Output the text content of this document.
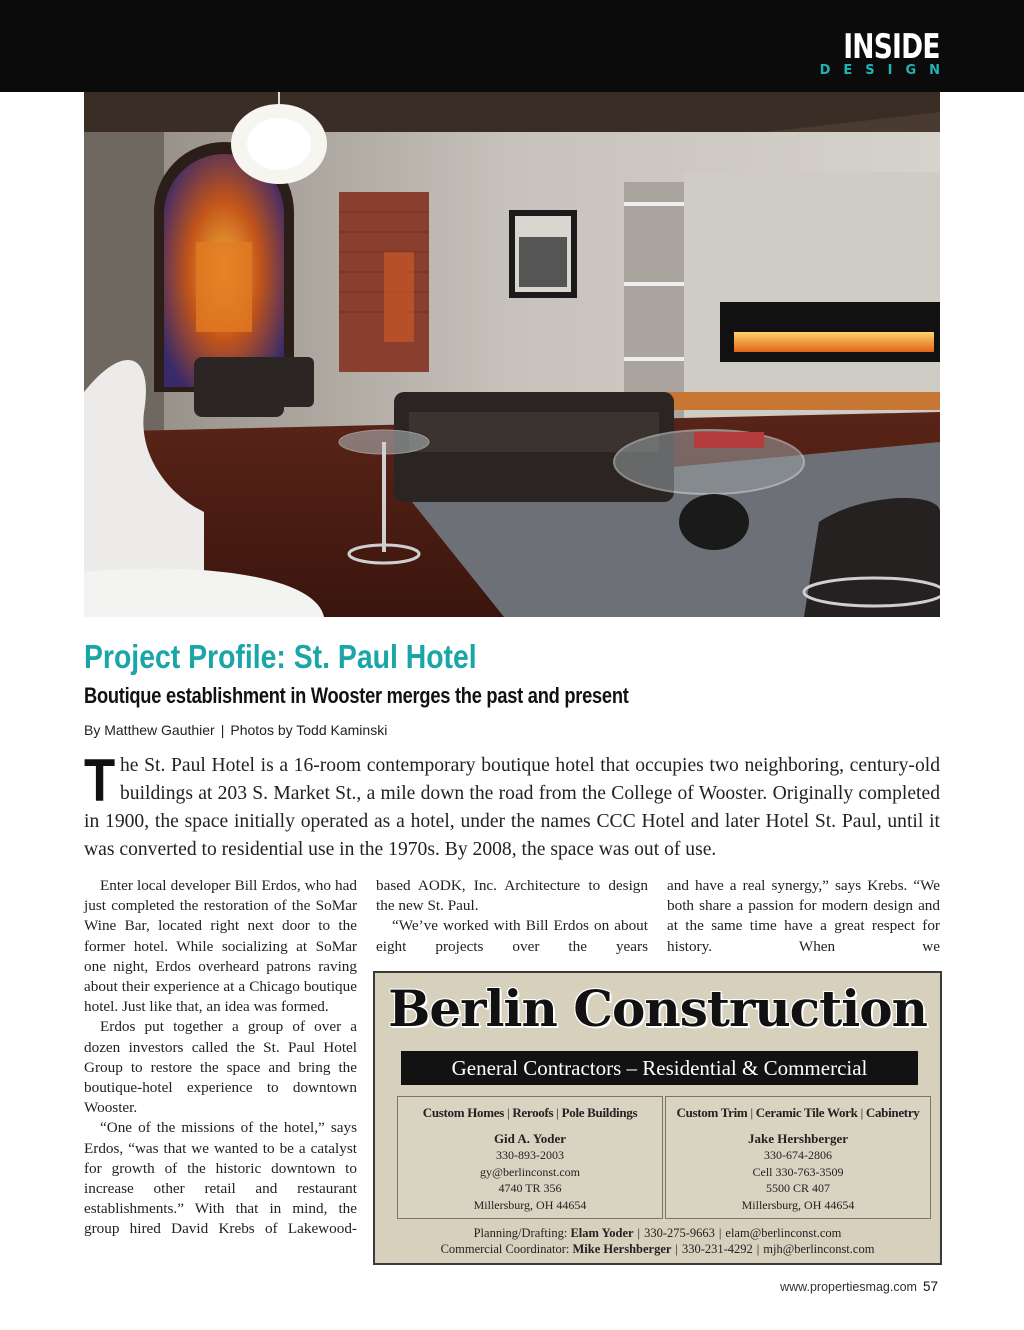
INSIDE
DESIGN
Project Profile: St. Paul Hotel
Boutique establishment in Wooster merges the past and present
By Matthew Gauthier | Photos by Todd Kaminski
The St. Paul Hotel is a 16-room contemporary boutique hotel that occupies two neighboring, century-old buildings at 203 S. Market St., a mile down the road from the College of Wooster. Originally completed in 1900, the space initially operated as a hotel, under the names CCC Hotel and later Hotel St. Paul, until it was converted to residential use in the 1970s. By 2008, the space was out of use.

Enter local developer Bill Erdos, who had just completed the restoration of the SoMar Wine Bar, located right next door to the former hotel. While socializing at SoMar one night, Erdos overheard patrons raving about their experience at a Chicago boutique hotel. Just like that, an idea was formed.

Erdos put together a group of over a dozen investors called the St. Paul Hotel Group to restore the space and bring the boutique-hotel experience to downtown Wooster.

“One of the missions of the hotel,” says Erdos, “was that we wanted to be a catalyst for growth of the historic downtown to increase other retail and restaurant establishments.” With that in mind, the group hired David Krebs of Lakewood-

based AODK, Inc. Architecture to design the new St. Paul.

“We’ve worked with Bill Erdos on about eight projects over the years

and have a real synergy,” says Krebs. “We both share a passion for modern design and at the same time have a great respect for history. When we

Berlin Construction
General Contractors – Residential & Commercial
Custom Homes | Reroofs | Pole Buildings
Gid A. Yoder
330-893-2003
gy@berlinconst.com
4740 TR 356
Millersburg, OH 44654
Custom Trim | Ceramic Tile Work | Cabinetry
Jake Hershberger
330-674-2806
Cell 330-763-3509
5500 CR 407
Millersburg, OH 44654
Planning/Drafting: Elam Yoder | 330-275-9663 | elam@berlinconst.com
Commercial Coordinator: Mike Hershberger | 330-231-4292 | mjh@berlinconst.com
www.propertiesmag.com 57
